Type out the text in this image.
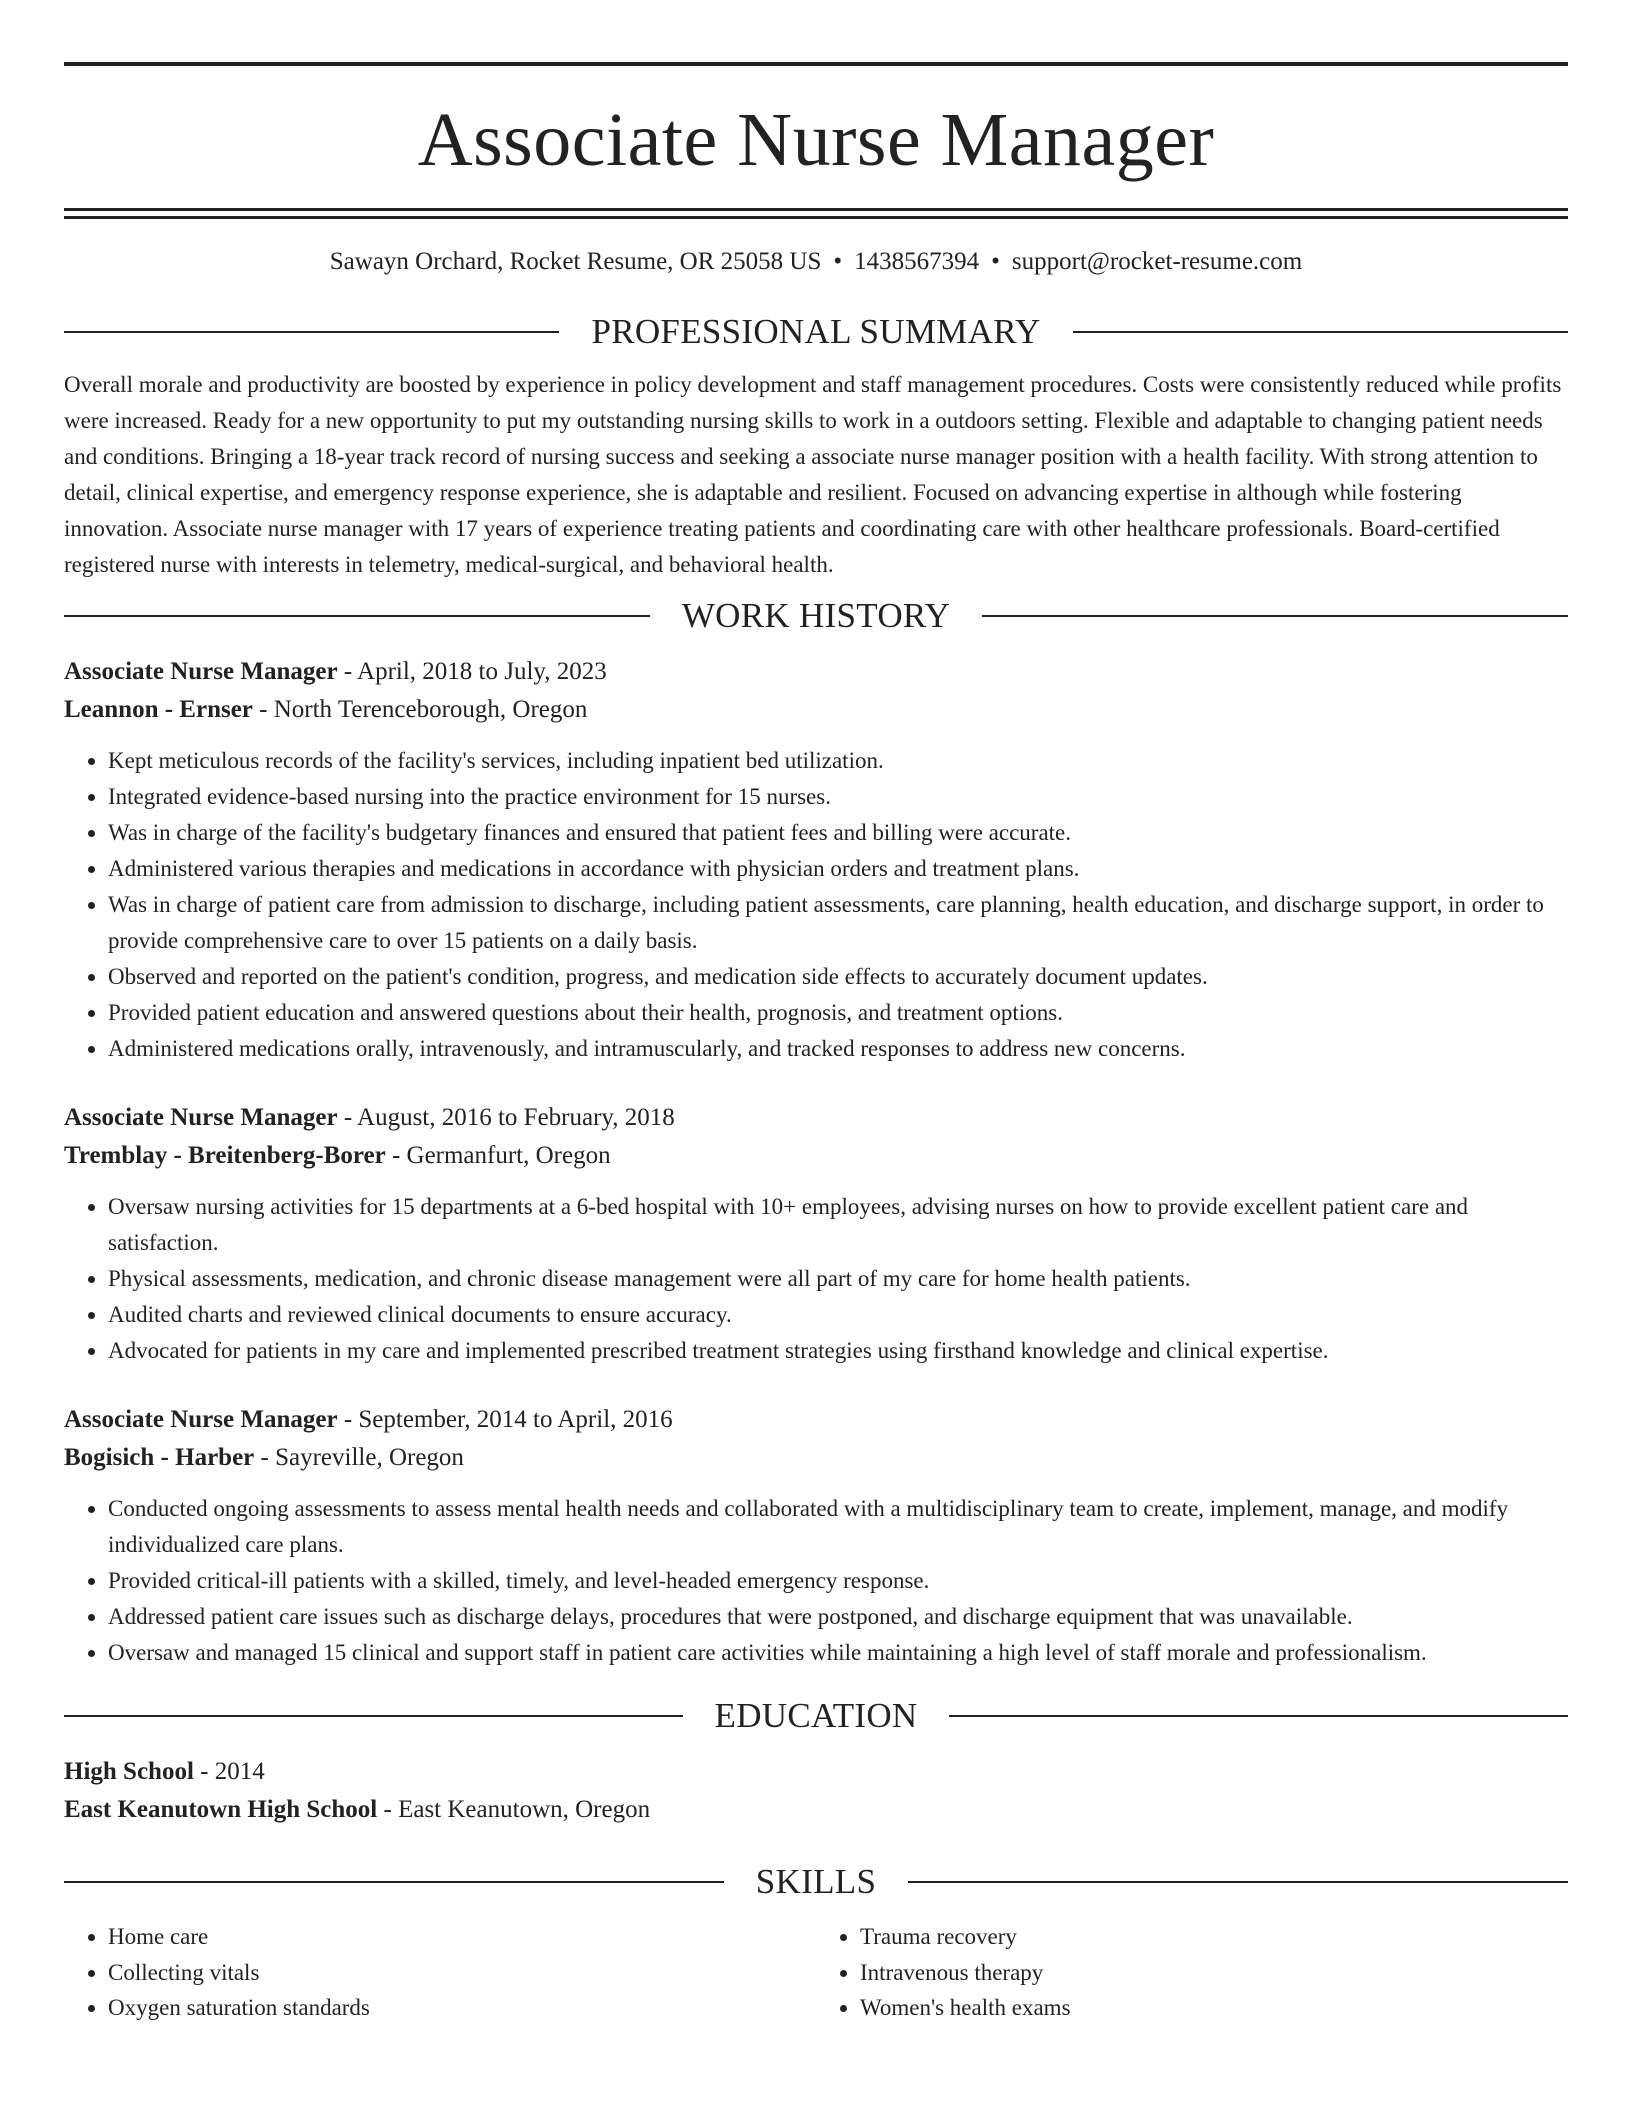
Associate Nurse Manager
Sawayn Orchard, Rocket Resume, OR 25058 US • 1438567394 • support@rocket-resume.com
PROFESSIONAL SUMMARY

Overall morale and productivity are boosted by experience in policy development and staff management procedures. Costs were consistently reduced while profits were increased. Ready for a new opportunity to put my outstanding nursing skills to work in a outdoors setting. Flexible and adaptable to changing patient needs and conditions. Bringing a 18-year track record of nursing success and seeking a associate nurse manager position with a health facility. With strong attention to detail, clinical expertise, and emergency response experience, she is adaptable and resilient. Focused on advancing expertise in although while fostering innovation. Associate nurse manager with 17 years of experience treating patients and coordinating care with other healthcare professionals. Board-certified registered nurse with interests in telemetry, medical-surgical, and behavioral health.

WORK HISTORY

Associate Nurse Manager - April, 2018 to July, 2023

Leannon - Ernser - North Terenceborough, Oregon

• Kept meticulous records of the facility's services, including inpatient bed utilization.
• Integrated evidence-based nursing into the practice environment for 15 nurses.
• Was in charge of the facility's budgetary finances and ensured that patient fees and billing were accurate.
• Administered various therapies and medications in accordance with physician orders and treatment plans.
• Was in charge of patient care from admission to discharge, including patient assessments, care planning, health education, and discharge support, in order to provide comprehensive care to over 15 patients on a daily basis.
• Observed and reported on the patient's condition, progress, and medication side effects to accurately document updates.
• Provided patient education and answered questions about their health, prognosis, and treatment options.
• Administered medications orally, intravenously, and intramuscularly, and tracked responses to address new concerns.

Associate Nurse Manager - August, 2016 to February, 2018

Tremblay - Breitenberg-Borer - Germanfurt, Oregon

• Oversaw nursing activities for 15 departments at a 6-bed hospital with 10+ employees, advising nurses on how to provide excellent patient care and satisfaction.
• Physical assessments, medication, and chronic disease management were all part of my care for home health patients.
• Audited charts and reviewed clinical documents to ensure accuracy.
• Advocated for patients in my care and implemented prescribed treatment strategies using firsthand knowledge and clinical expertise.

Associate Nurse Manager - September, 2014 to April, 2016

Bogisich - Harber - Sayreville, Oregon

• Conducted ongoing assessments to assess mental health needs and collaborated with a multidisciplinary team to create, implement, manage, and modify individualized care plans.
• Provided critical-ill patients with a skilled, timely, and level-headed emergency response.
• Addressed patient care issues such as discharge delays, procedures that were postponed, and discharge equipment that was unavailable.
• Oversaw and managed 15 clinical and support staff in patient care activities while maintaining a high level of staff morale and professionalism.
EDUCATION

High School - 2014

East Keanutown High School - East Keanutown, Oregon

SKILLS
• Home care
• Collecting vitals
• Oxygen saturation standards
• Trauma recovery
• Intravenous therapy
• Women's health exams
